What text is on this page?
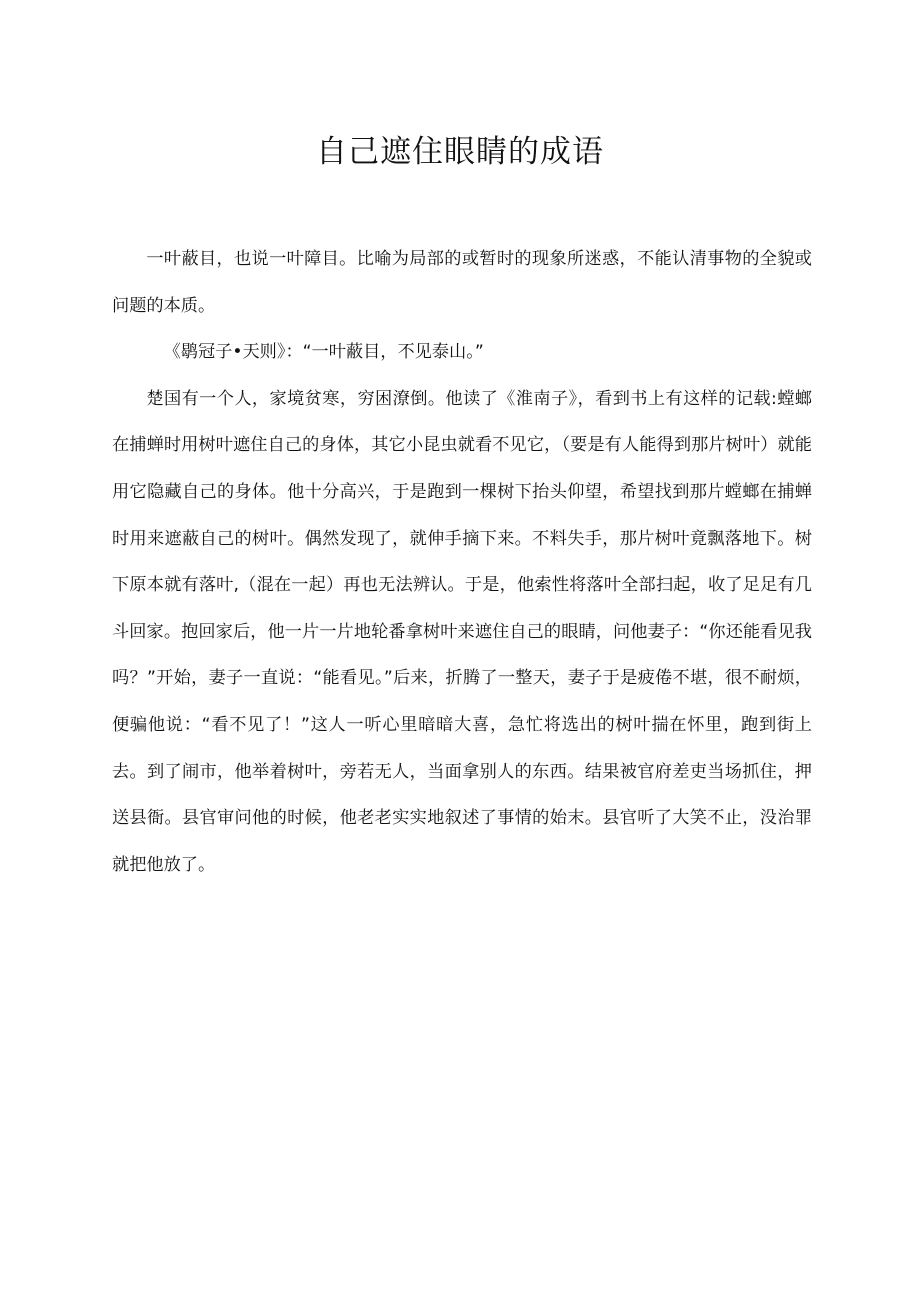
自己遮住眼睛的成语

一叶蔽目，也说一叶障目。比喻为局部的或暂时的现象所迷惑，不能认清事物的全貌或问题的本质。

《鹖冠子•天则》：“一叶蔽目，不见泰山。”

楚国有一个人，家境贫寒，穷困潦倒。他读了《淮南子》，看到书上有这样的记载:螳螂在捕蝉时用树叶遮住自己的身体，其它小昆虫就看不见它，（要是有人能得到那片树叶）就能用它隐藏自己的身体。他十分高兴，于是跑到一棵树下抬头仰望，希望找到那片螳螂在捕蝉时用来遮蔽自己的树叶。偶然发现了，就伸手摘下来。不料失手，那片树叶竟飘落地下。树下原本就有落叶,（混在一起）再也无法辨认。于是，他索性将落叶全部扫起，收了足足有几斗回家。抱回家后，他一片一片地轮番拿树叶来遮住自己的眼睛，问他妻子：“你还能看见我吗？”开始，妻子一直说：“能看见。”后来，折腾了一整天，妻子于是疲倦不堪，很不耐烦，便骗他说：“看不见了！”这人一听心里暗暗大喜，急忙将选出的树叶揣在怀里，跑到街上去。到了闹市，他举着树叶，旁若无人，当面拿别人的东西。结果被官府差吏当场抓住，押送县衙。县官审问他的时候，他老老实实地叙述了事情的始末。县官听了大笑不止，没治罪就把他放了。
